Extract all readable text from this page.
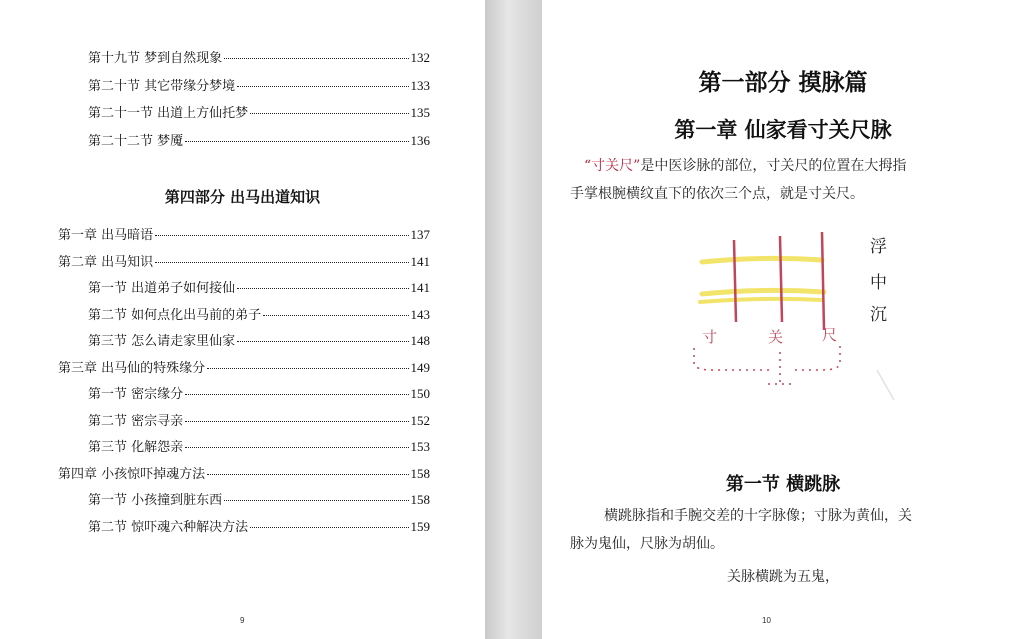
第十九节 梦到自然现象	132
第二十节 其它带缘分梦境	133
第二十一节 出道上方仙托梦	135
第二十二节 梦魇	136
第四部分 出马出道知识
第一章 出马暗语	137
第二章 出马知识	141
第一节 出道弟子如何接仙	141
第二节 如何点化出马前的弟子	143
第三节 怎么请走家里仙家	148
第三章 出马仙的特殊缘分	149
第一节 密宗缘分	150
第二节 密宗寻亲	152
第三节 化解怨亲	153
第四章 小孩惊吓掉魂方法	158
第一节 小孩撞到脏东西	158
第二节 惊吓魂六种解决方法	159
9
第一部分 摸脉篇
第一章 仙家看寸关尺脉
“寸关尺”是中医诊脉的部位，寸关尺的位置在大拇指
手掌根腕横纹直下的依次三个点，就是寸关尺。
浮
中
沉
寸	关	尺
第一节 横跳脉
横跳脉指和手腕交差的十字脉像；寸脉为黄仙，关
脉为鬼仙，尺脉为胡仙。
关脉横跳为五鬼，
10
